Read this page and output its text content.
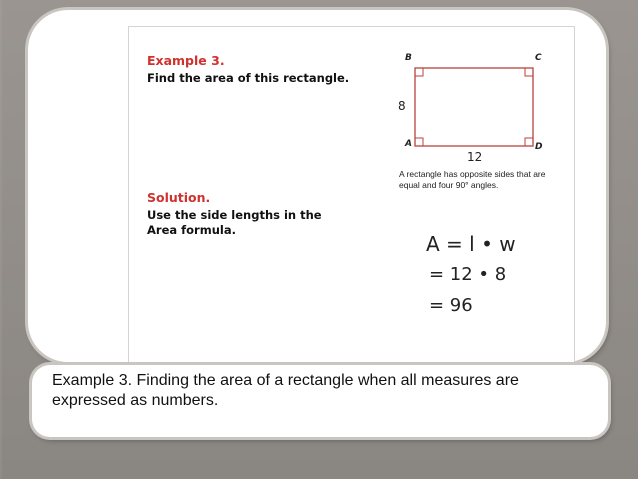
Example 3.

Find the area of this rectangle.

B	C
A	D
8
12
A rectangle has opposite sides that are equal and four 90° angles.

Solution.

Use the side lengths in the

Area formula.

A = l • w
= 12 • 8
= 96
Example 3. Finding the area of a rectangle when all measures are
expressed as numbers.
